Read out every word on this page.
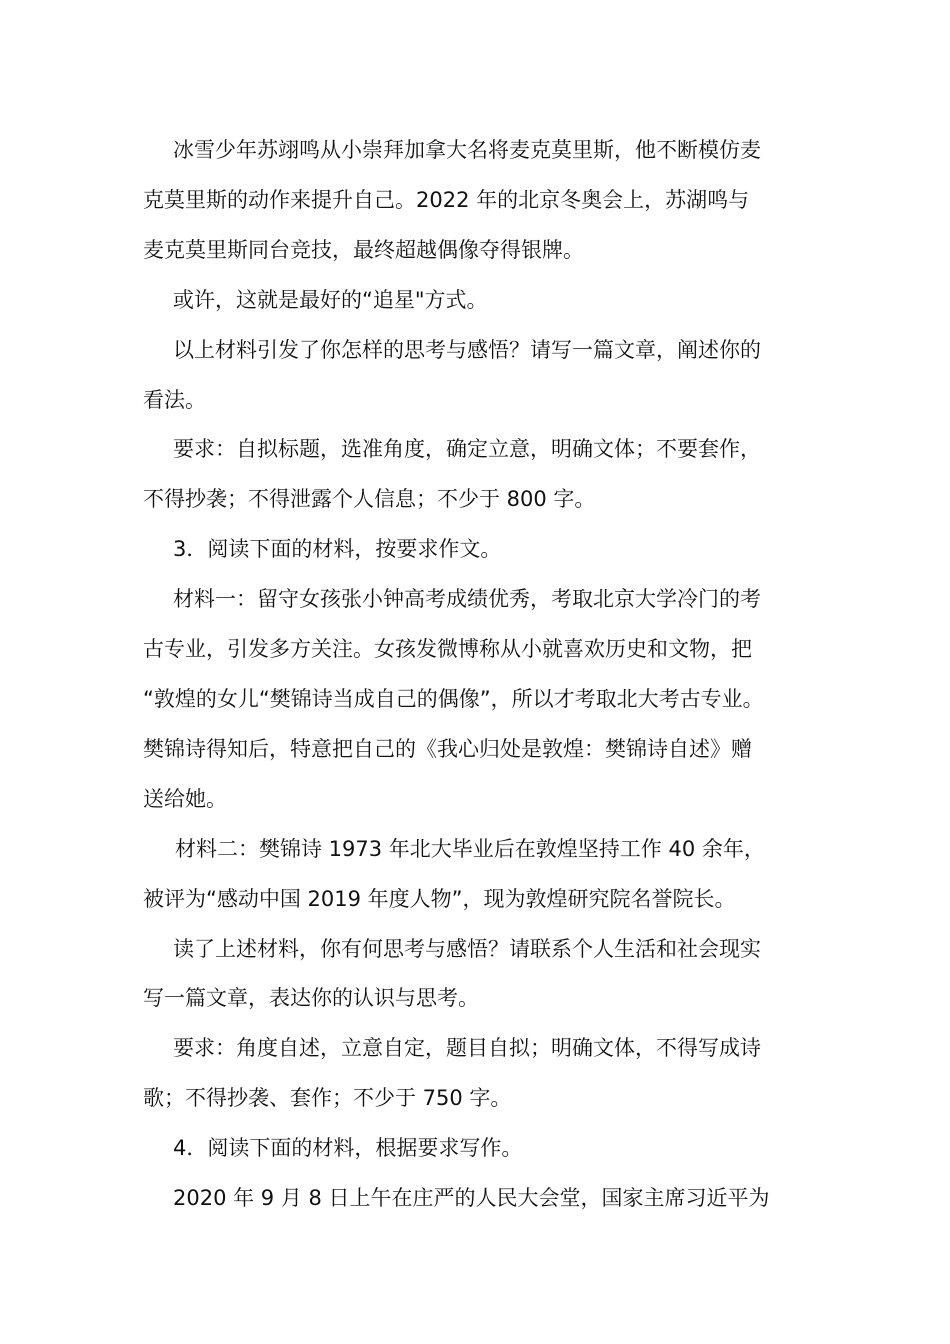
冰雪少年苏翊鸣从小崇拜加拿大名将麦克莫里斯，他不断模仿麦
克莫里斯的动作来提升自己。2022 年的北京冬奥会上，苏湖鸣与
麦克莫里斯同台竞技，最终超越偶像夺得银牌。

或许，这就是最好的“追星"方式。

以上材料引发了你怎样的思考与感悟？请写一篇文章，阐述你的
看法。

要求：自拟标题，选准角度，确定立意，明确文体；不要套作，
不得抄袭；不得泄露个人信息；不少于 800 字。

3．阅读下面的材料，按要求作文。

材料一：留守女孩张小钟高考成绩优秀，考取北京大学冷门的考
古专业，引发多方关注。女孩发微博称从小就喜欢历史和文物，把
“敦煌的女儿“樊锦诗当成自己的偶像”，所以才考取北大考古专业。
樊锦诗得知后，特意把自己的《我心归处是敦煌：樊锦诗自述》赠
送给她。

材料二：樊锦诗 1973 年北大毕业后在敦煌坚持工作 40 余年，
被评为“感动中国 2019 年度人物”，现为敦煌研究院名誉院长。

读了上述材料，你有何思考与感悟？请联系个人生活和社会现实
写一篇文章，表达你的认识与思考。

要求：角度自述，立意自定，题目自拟；明确文体，不得写成诗
歌；不得抄袭、套作；不少于 750 字。

4．阅读下面的材料，根据要求写作。

2020 年 9 月 8 日上午在庄严的人民大会堂，国家主席习近平为
